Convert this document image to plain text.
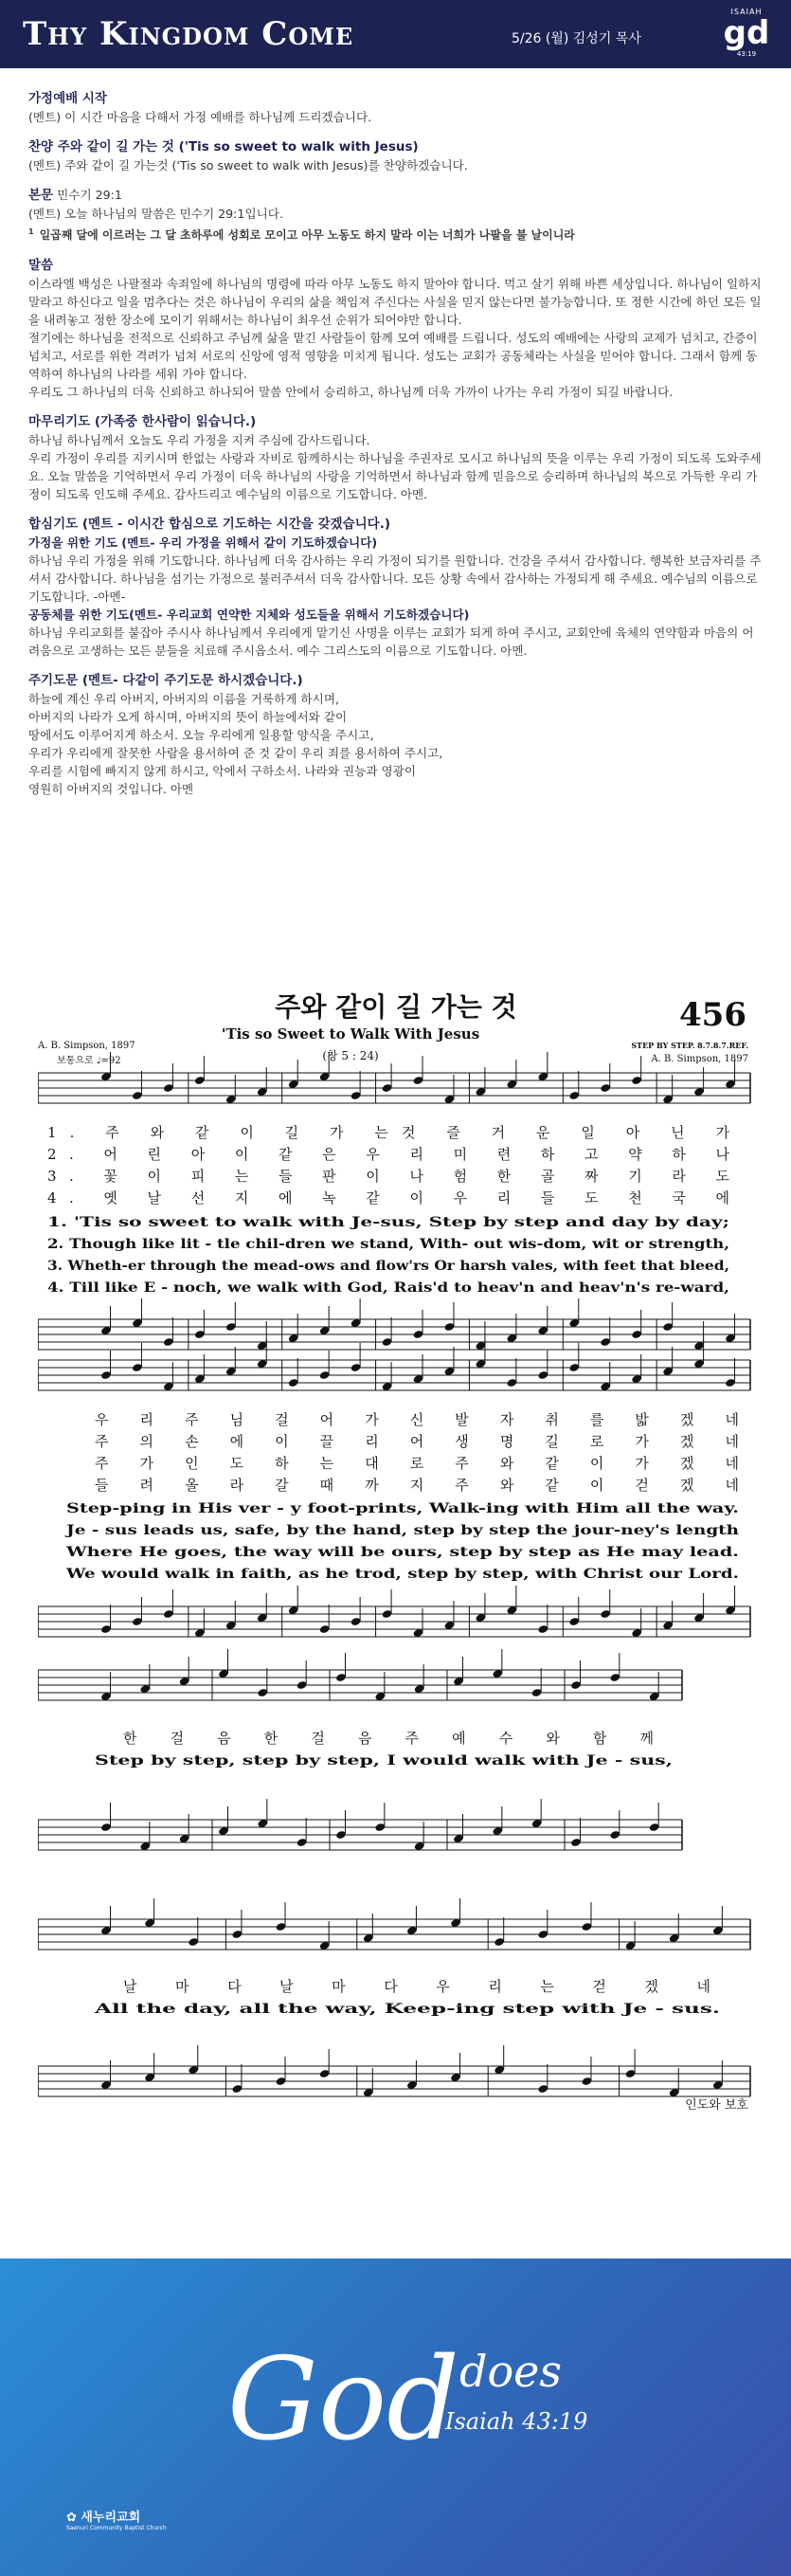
Thy Kingdom Come	5/26 (월) 김성기 목사
ISAIAH
gd
43:19
가정예배 시작
(멘트) 이 시간 마음을 다해서 가정 예배를 하나님께 드리겠습니다.
찬양 주와 같이 길 가는 것 ('Tis so sweet to walk with Jesus)
(멘트) 주와 같이 길 가는것 ('Tis so sweet to walk with Jesus)를 찬양하겠습니다.
본문 민수기 29:1
(멘트) 오늘 하나님의 말씀은 민수기 29:1입니다.
$^1$ 일곱째 달에 이르러는 그 달 초하루에 성회로 모이고 아무 노동도 하지 말라 이는 너희가 나팔을 불 날이니라
말씀
이스라엘 백성은 나팔절과 속죄일에 하나님의 명령에 따라 아무 노동도 하지 말아야 합니다. 먹고 살기 위해 바쁜 세상입니다. 하나님이 일하지 말라고 하신다고 일을 멈추다는 것은 하나님이 우리의 삶을 책임져 주신다는 사실을 믿지 않는다면 불가능합니다. 또 정한 시간에 하던 모든 일을 내려놓고 정한 장소에 모이기 위해서는 하나님이 최우선 순위가 되어야만 합니다.
절기에는 하나님을 전적으로 신뢰하고 주님께 삶을 맡긴 사람들이 함께 모여 예배를 드립니다. 성도의 예배에는 사랑의 교제가 넘치고, 간증이 넘치고, 서로를 위한 격려가 넘쳐 서로의 신앙에 영적 영향을 미치게 됩니다. 성도는 교회가 공동체라는 사실을 믿어야 합니다. 그래서 함께 동역하여 하나님의 나라를 세워 가야 합니다.
우리도 그 하나님의 더욱 신뢰하고 하나되어 말씀 안에서 승리하고, 하나님께 더욱 가까이 나가는 우리 가정이 되길 바랍니다.
마무리기도 (가족중 한사람이 읽습니다.)
하나님 하나님께서 오늘도 우리 가정을 지켜 주심에 감사드립니다.
우리 가정이 우리를 지키시며 한없는 사랑과 자비로 함께하시는 하나님을 주권자로 모시고 하나님의 뜻을 이루는 우리 가정이 되도록 도와주세요. 오늘 말씀을 기억하면서 우리 가정이 더욱 하나님의 사랑을 기억하면서 하나님과 함께 믿음으로 승리하며 하나님의 복으로 가득한 우리 가정이 되도록 인도해 주세요. 감사드리고 예수님의 이름으로 기도합니다. 아멘.
합심기도 (멘트 - 이시간 합심으로 기도하는 시간을 갖겠습니다.)
가정을 위한 기도 (멘트- 우리 가정을 위해서 같이 기도하겠습니다)
하나님 우리 가정을 위해 기도합니다. 하나님께 더욱 감사하는 우리 가정이 되기를 원합니다. 건강을 주셔서 감사합니다. 행복한 보금자리를 주셔서 감사합니다. 하나님을 섬기는 가정으로 불러주셔서 더욱 감사합니다. 모든 상황 속에서 감사하는 가정되게 해 주세요. 예수님의 이름으로 기도합니다. -아멘-
공동체를 위한 기도(멘트- 우리교회 연약한 지체와 성도들을 위해서 기도하겠습니다)
하나님 우리교회를 붙잡아 주시사 하나님께서 우리에게 맡기신 사명을 이루는 교회가 되게 하여 주시고, 교회안에 육체의 연약함과 마음의 어려움으로 고생하는 모든 분들을 치료해 주시옵소서. 예수 그리스도의 이름으로 기도합니다. 아멘.
주기도문 (멘트- 다같이 주기도문 하시겠습니다.)
하늘에 계신 우리 아버지, 아버지의 이름을 거룩하게 하시며,
아버지의 나라가 오게 하시며, 아버지의 뜻이 하늘에서와 같이
땅에서도 이루어지게 하소서. 오늘 우리에게 일용할 양식을 주시고,
우리가 우리에게 잘못한 사람을 용서하여 준 것 같이 우리 죄를 용서하여 주시고,
우리를 시험에 빠지지 않게 하시고, 악에서 구하소서. 나라와 권능과 영광이
영원히 아버지의 것입니다. 아멘
주와 같이 길 가는 것
'Tis so Sweet to Walk With Jesus
(창 5 : 24)
456
A. B. Simpson, 1897
보통으로 ♩=92
STEP BY STEP. 8.7.8.7.REF.
A. B. Simpson, 1897
1. 주 와 같 이 길 가 는것 즐 거 운 일 아 닌 가
2. 어 린 아 이 같 은 우 리 미 련 하 고 약 하 나
3. 꽃 이 피 는 들 판 이 나 험 한 골 짜 기 라 도
4. 옛 날 선 지 에 녹 같 이 우 리 들 도 천 국 에
1. 'Tis so sweet to walk with Je-sus, Step by step and day by day;
2. Though like lit - tle chil-dren we stand, With- out wis-dom, wit or strength,
3. Wheth-er through the mead-ows and flow'rs Or harsh vales, with feet that bleed,
4. Till like E - noch, we walk with God, Rais'd to heav'n and heav'n's re-ward,
우 리 주 님 걸 어 가 신 발 자 취 를 밟 겠 네
주 의 손 에 이 끌 리 어 생 명 길 로 가 겠 네
주 가 인 도 하 는 대 로 주 와 같 이 가 겠 네
들 려 올 라 갈 때 까 지 주 와 같 이 걷 겠 네
Step-ping in His ver - y foot-prints, Walk-ing with Him all the way.
Je - sus leads us, safe, by the hand, step by step the jour-ney's length
Where He goes, the way will be ours, step by step as He may lead.
We would walk in faith, as he trod, step by step, with Christ our Lord.
한 걸 음 한 걸 음 주 예 수 와 함 께
Step by step, step by step, I would walk with Je - sus,
날 마 다 날 마 다 우 리 는 걷 겠 네
All the day, all the way, Keep-ing step with Je - sus.
인도와 보호
God does
Isaiah 43:19
✿ 새누리교회
Saenuri Community Baptist Church
